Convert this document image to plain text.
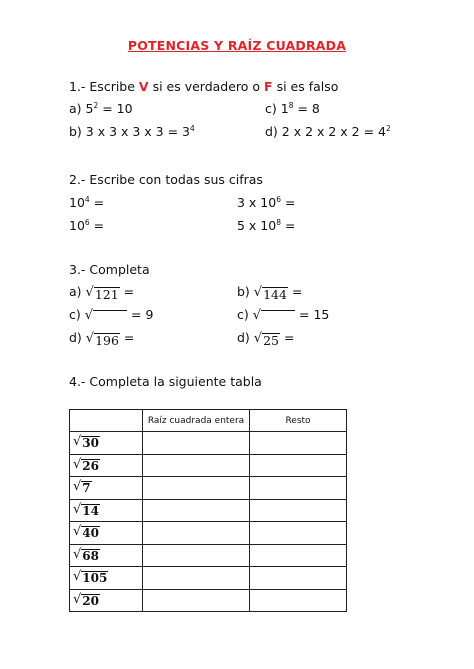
POTENCIAS Y RAÍZ CUADRADA
1.- Escribe V si es verdadero o F si es falso
a) $5^2 = 10$	c) $1^8 = 8$
b) 3 x 3 x 3 x $3 = 3^4$	d) 2 x 2 x 2 x $2 = 4^2$
2.- Escribe con todas sus cifras
$10^4$ =	3 x $10^6$ =
$10^6$ =	5 x $10^8$ =
3.- Completa
a) √ 121 =	b) √ 144 =
c) √	= 9	c) √	= 15
d) √ 196 =	d) √ 25 =
4.- Completa la siguiente tabla
	Raíz cuadrada entera	Resto

√ 30		

√ 26		

√ 7		

√ 14		

√ 40		

√ 68		

√ 105		

√ 20		
